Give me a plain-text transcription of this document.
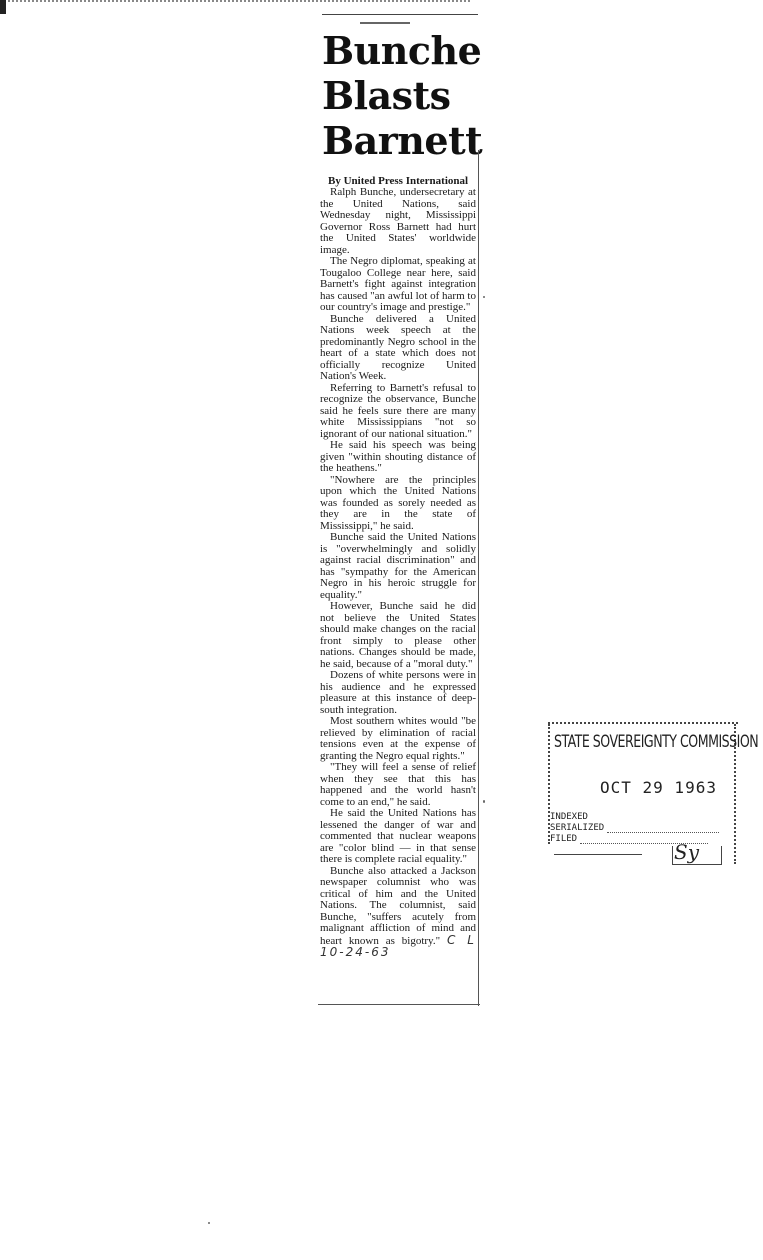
Bunche
Blasts
Barnett
By United Press International

Ralph Bunche, undersecretary at the United Nations, said Wednesday night, Mississippi Governor Ross Barnett had hurt the United States' worldwide image.

The Negro diplomat, speaking at Tougaloo College near here, said Barnett's fight against integration has caused "an awful lot of harm to our country's image and prestige."

Bunche delivered a United Nations week speech at the predominantly Negro school in the heart of a state which does not officially recognize United Nation's Week.

Referring to Barnett's refusal to recognize the observance, Bunche said he feels sure there are many white Mississippians "not so ignorant of our national situation."

He said his speech was being given "within shouting distance of the heathens."

"Nowhere are the principles upon which the United Nations was founded as sorely needed as they are in the state of Mississippi," he said.

Bunche said the United Nations is "overwhelmingly and solidly against racial discrimination" and has "sympathy for the American Negro in his heroic struggle for equality."

However, Bunche said he did not believe the United States should make changes on the racial front simply to please other nations. Changes should be made, he said, because of a "moral duty."

Dozens of white persons were in his audience and he expressed pleasure at this instance of deep-south integration.

Most southern whites would "be relieved by elimination of racial tensions even at the expense of granting the Negro equal rights."

"They will feel a sense of relief when they see that this has happened and the world hasn't come to an end," he said.

He said the United Nations has lessened the danger of war and commented that nuclear weapons are "color blind — in that sense there is complete racial equality."

Bunche also attacked a Jackson newspaper columnist who was critical of him and the United Nations. The columnist, said Bunche, "suffers acutely from malignant affliction of mind and heart known as bigotry." C L 10-24-63

STATE SOVEREIGNTY COMMISSION
OCT 29 1963
INDEXED
SERIALIZED
FILED
Sy
